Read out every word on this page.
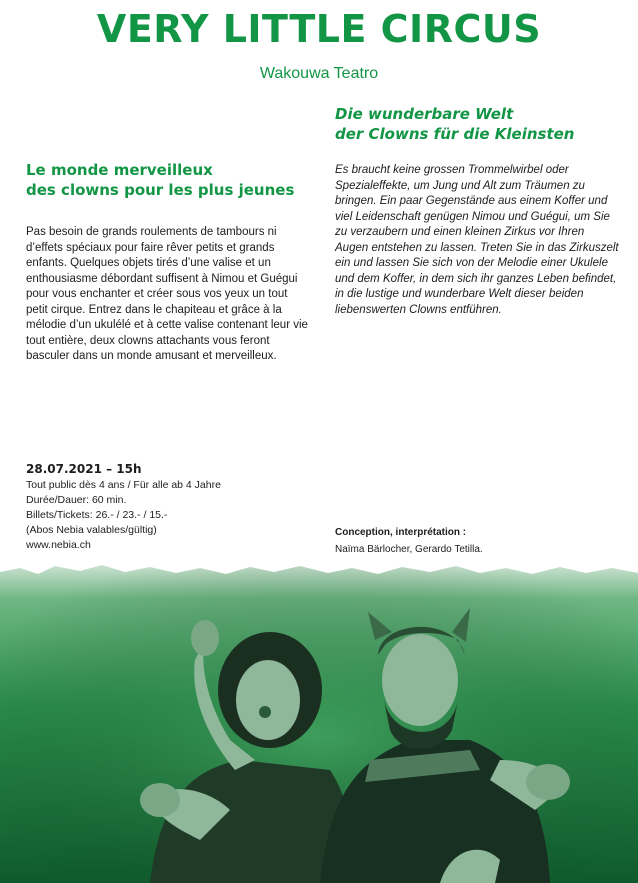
VERY LITTLE CIRCUS
Wakouwa Teatro
Die wunderbare Welt
der Clowns für die Kleinsten
Le monde merveilleux
des clowns pour les plus jeunes

Es braucht keine grossen Trommelwirbel oder Spezialeffekte, um Jung und Alt zum Träumen zu bringen. Ein paar Gegenstände aus einem Koffer und viel Leidenschaft genügen Nimou und Guégui, um Sie zu verzaubern und einen kleinen Zirkus vor Ihren Augen entstehen zu lassen. Treten Sie in das Zirkuszelt ein und lassen Sie sich von der Melodie einer Ukulele und dem Koffer, in dem sich ihr ganzes Leben befindet, in die lustige und wunderbare Welt dieser beiden liebenswerten Clowns entführen.

Pas besoin de grands roulements de tambours ni d’effets spéciaux pour faire rêver petits et grands enfants. Quelques objets tirés d’une valise et un enthousiasme débordant suffisent à Nimou et Guégui pour vous enchanter et créer sous vos yeux un tout petit cirque. Entrez dans le chapiteau et grâce à la mélodie d’un ukulélé et à cette valise contenant leur vie tout entière, deux clowns attachants vous feront basculer dans un monde amusant et merveilleux.

28.07.2021 – 15h
Tout public dès 4 ans / Für alle ab 4 Jahre
Durée/Dauer: 60 min.
Billets/Tickets: 26.- / 23.- / 15.-
(Abos Nebia valables/gültig)
www.nebia.ch
Conception, interprétation :
Naïma Bärlocher, Gerardo Tetilla.
